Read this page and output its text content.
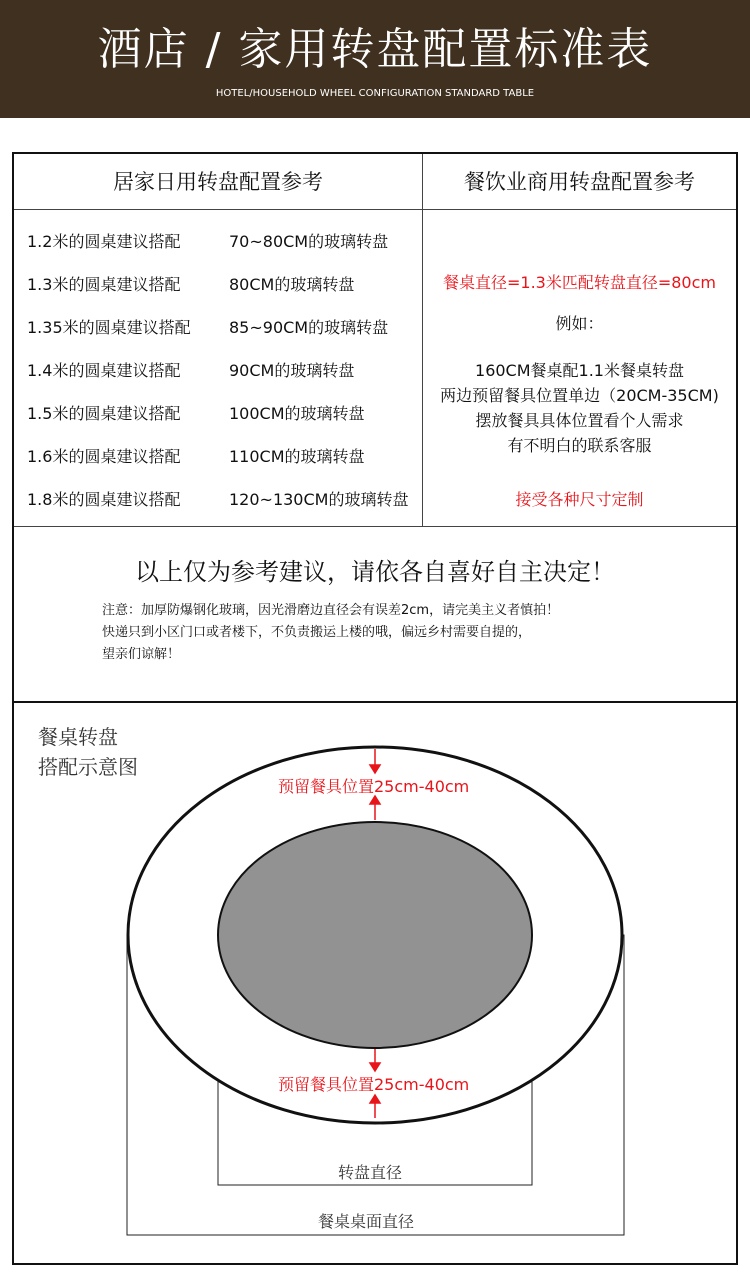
酒店 / 家用转盘配置标准表
HOTEL/HOUSEHOLD WHEEL CONFIGURATION STANDARD TABLE
居家日用转盘配置参考	餐饮业商用转盘配置参考
1.2米的圆桌建议搭配	70~80CM的玻璃转盘
1.3米的圆桌建议搭配	80CM的玻璃转盘
1.35米的圆桌建议搭配 85~90CM的玻璃转盘
1.4米的圆桌建议搭配	90CM的玻璃转盘
1.5米的圆桌建议搭配	100CM的玻璃转盘
1.6米的圆桌建议搭配	110CM的玻璃转盘
1.8米的圆桌建议搭配	120~130CM的玻璃转盘
餐桌直径=1.3米匹配转盘直径=80cm
例如：
160CM餐桌配1.1米餐桌转盘
两边预留餐具位置单边（20CM-35CM)
摆放餐具具体位置看个人需求
有不明白的联系客服
接受各种尺寸定制
以上仅为参考建议，请依各自喜好自主决定！
注意：加厚防爆钢化玻璃，因光滑磨边直径会有误差2cm，请完美主义者慎拍！
快递只到小区门口或者楼下，不负责搬运上楼的哦，偏远乡村需要自提的，
望亲们谅解！
餐桌转盘
搭配示意图
预留餐具位置25cm-40cm
预留餐具位置25cm-40cm
转盘直径
餐桌桌面直径
